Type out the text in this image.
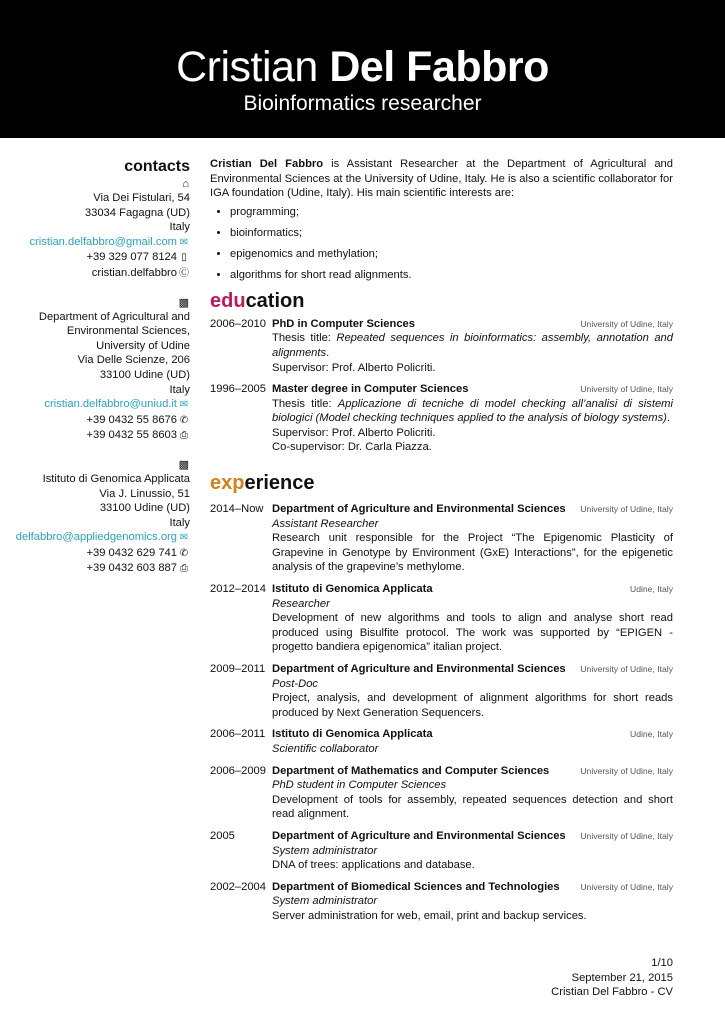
Cristian Del Fabbro
Bioinformatics researcher
contacts
⌂
Via Dei Fistulari, 54
33034 Fagagna (UD)
Italy
cristian.delfabbro@gmail.com ✉
+39 329 077 8124 ▯
cristian.delfabbro Ⓒ
▩
Department of Agricultural and
Environmental Sciences,
University of Udine
Via Delle Scienze, 206
33100 Udine (UD)
Italy
cristian.delfabbro@uniud.it ✉
+39 0432 55 8676 ✆
+39 0432 55 8603 ⎙
▩
Istituto di Genomica Applicata
Via J. Linussio, 51
33100 Udine (UD)
Italy
delfabbro@appliedgenomics.org ✉
+39 0432 629 741 ✆
+39 0432 603 887 ⎙

Cristian Del Fabbro is Assistant Researcher at the Department of Agricultural and Environmental Sciences at the University of Udine, Italy. He is also a scientific collaborator for IGA foundation (Udine, Italy). His main scientific interests are:

• programming;
• bioinformatics;
• epigenomics and methylation;
• algorithms for short read alignments.
education
2006–2010	University of Udine, Italy
PhD in Computer Sciences
Thesis title: Repeated sequences in bioinformatics: assembly, annotation and alignments.
Supervisor: Prof. Alberto Policriti.
1996–2005	University of Udine, Italy
Master degree in Computer Sciences
Thesis title: Applicazione di tecniche di model checking all’analisi di sistemi biologici (Model checking techniques applied to the analysis of biology systems).
Supervisor: Prof. Alberto Policriti.
Co-supervisor: Dr. Carla Piazza.
experience
2014–Now	University of Udine, Italy
Department of Agriculture and Environmental Sciences
Assistant Researcher
Research unit responsible for the Project “The Epigenomic Plasticity of Grapevine in Genotype by Environment (GxE) Interactions”, for the epigenetic analysis of the grapevine’s methylome.
2012–2014	Udine, Italy
Istituto di Genomica Applicata
Researcher
Development of new algorithms and tools to align and analyse short read produced using Bisulfite protocol. The work was supported by “EPIGEN - progetto bandiera epigenomica” italian project.
2009–2011	University of Udine, Italy
Department of Agriculture and Environmental Sciences
Post-Doc
Project, analysis, and development of alignment algorithms for short reads produced by Next Generation Sequencers.
2006–2011	Udine, Italy
Istituto di Genomica Applicata
Scientific collaborator
2006–2009	University of Udine, Italy
Department of Mathematics and Computer Sciences
PhD student in Computer Sciences
Development of tools for assembly, repeated sequences detection and short read alignment.
2005	University of Udine, Italy
Department of Agriculture and Environmental Sciences
System administrator
DNA of trees: applications and database.
2002–2004	University of Udine, Italy
Department of Biomedical Sciences and Technologies
System administrator
Server administration for web, email, print and backup services.
1/10
September 21, 2015
Cristian Del Fabbro - CV
